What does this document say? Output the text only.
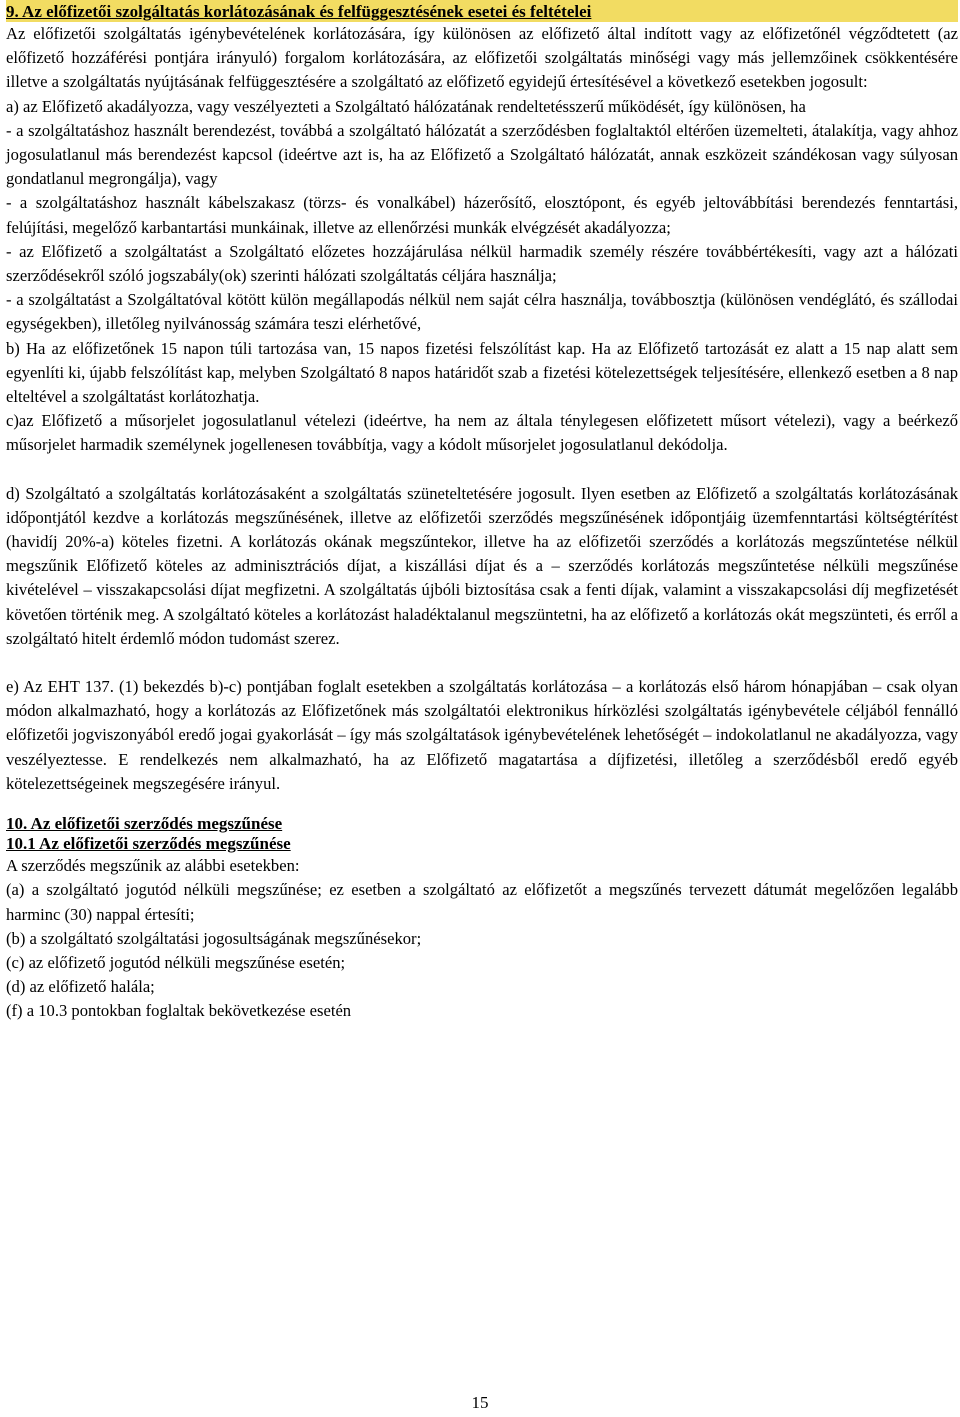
9. Az előfizetői szolgáltatás korlátozásának és felfüggesztésének esetei és feltételei

Az előfizetői szolgáltatás igénybevételének korlátozására, így különösen az előfizető által indított vagy az előfizetőnél végződtetett (az előfizető hozzáférési pontjára irányuló) forgalom korlátozására, az előfizetői szolgáltatás minőségi vagy más jellemzőinek csökkentésére illetve a szolgáltatás nyújtásának felfüggesztésére a szolgáltató az előfizető egyidejű értesítésével a következő esetekben jogosult:

a) az Előfizető akadályozza, vagy veszélyezteti a Szolgáltató hálózatának rendeltetésszerű működését, így különösen, ha

- a szolgáltatáshoz használt berendezést, továbbá a szolgáltató hálózatát a szerződésben foglaltaktól eltérően üzemelteti, átalakítja, vagy ahhoz jogosulatlanul más berendezést kapcsol (ideértve azt is, ha az Előfizető a Szolgáltató hálózatát, annak eszközeit szándékosan vagy súlyosan gondatlanul megrongálja), vagy

- a szolgáltatáshoz használt kábelszakasz (törzs- és vonalkábel) házerősítő, elosztópont, és egyéb jeltovábbítási berendezés fenntartási, felújítási, megelőző karbantartási munkáinak, illetve az ellenőrzési munkák elvégzését akadályozza;

- az Előfizető a szolgáltatást a Szolgáltató előzetes hozzájárulása nélkül harmadik személy részére továbbértékesíti, vagy azt a hálózati szerződésekről szóló jogszabály(ok) szerinti hálózati szolgáltatás céljára használja;

- a szolgáltatást a Szolgáltatóval kötött külön megállapodás nélkül nem saját célra használja, továbbosztja (különösen vendéglátó, és szállodai egységekben), illetőleg nyilvánosság számára teszi elérhetővé,

b) Ha az előfizetőnek 15 napon túli tartozása van, 15 napos fizetési felszólítást kap. Ha az Előfizető tartozását ez alatt a 15 nap alatt sem egyenlíti ki, újabb felszólítást kap, melyben Szolgáltató 8 napos határidőt szab a fizetési kötelezettségek teljesítésére, ellenkező esetben a 8 nap elteltével a szolgáltatást korlátozhatja.

c)az Előfizető a műsorjelet jogosulatlanul vételezi (ideértve, ha nem az általa ténylegesen előfizetett műsort vételezi), vagy a beérkező műsorjelet harmadik személynek jogellenesen továbbítja, vagy a kódolt műsorjelet jogosulatlanul dekódolja.

d) Szolgáltató a szolgáltatás korlátozásaként a szolgáltatás szüneteltetésére jogosult. Ilyen esetben az Előfizető a szolgáltatás korlátozásának időpontjától kezdve a korlátozás megszűnésének, illetve az előfizetői szerződés megszűnésének időpontjáig üzemfenntartási költségtérítést (havidíj 20%-a) köteles fizetni. A korlátozás okának megszűntekor, illetve ha az előfizetői szerződés a korlátozás megszűntetése nélkül megszűnik Előfizető köteles az adminisztrációs díjat, a kiszállási díjat és a – szerződés korlátozás megszűntetése nélküli megszűnése kivételével – visszakapcsolási díjat megfizetni. A szolgáltatás újbóli biztosítása csak a fenti díjak, valamint a visszakapcsolási díj megfizetését követően történik meg. A szolgáltató köteles a korlátozást haladéktalanul megszüntetni, ha az előfizető a korlátozás okát megszünteti, és erről a szolgáltató hitelt érdemlő módon tudomást szerez.

e) Az EHT 137. (1) bekezdés b)-c) pontjában foglalt esetekben a szolgáltatás korlátozása – a korlátozás első három hónapjában – csak olyan módon alkalmazható, hogy a korlátozás az Előfizetőnek más szolgáltatói elektronikus hírközlési szolgáltatás igénybevétele céljából fennálló előfizetői jogviszonyából eredő jogai gyakorlását – így más szolgáltatások igénybevételének lehetőségét – indokolatlanul ne akadályozza, vagy veszélyeztesse. E rendelkezés nem alkalmazható, ha az Előfizető magatartása a díjfizetési, illetőleg a szerződésből eredő egyéb kötelezettségeinek megszegésére irányul.

10. Az előfizetői szerződés megszűnése
10.1 Az előfizetői szerződés megszűnése

A szerződés megszűnik az alábbi esetekben:

(a) a szolgáltató jogutód nélküli megszűnése; ez esetben a szolgáltató az előfizetőt a megszűnés tervezett dátumát megelőzően legalább harminc (30) nappal értesíti;

(b) a szolgáltató szolgáltatási jogosultságának megszűnésekor;

(c) az előfizető jogutód nélküli megszűnése esetén;

(d) az előfizető halála;

(f) a 10.3 pontokban foglaltak bekövetkezése esetén

15
